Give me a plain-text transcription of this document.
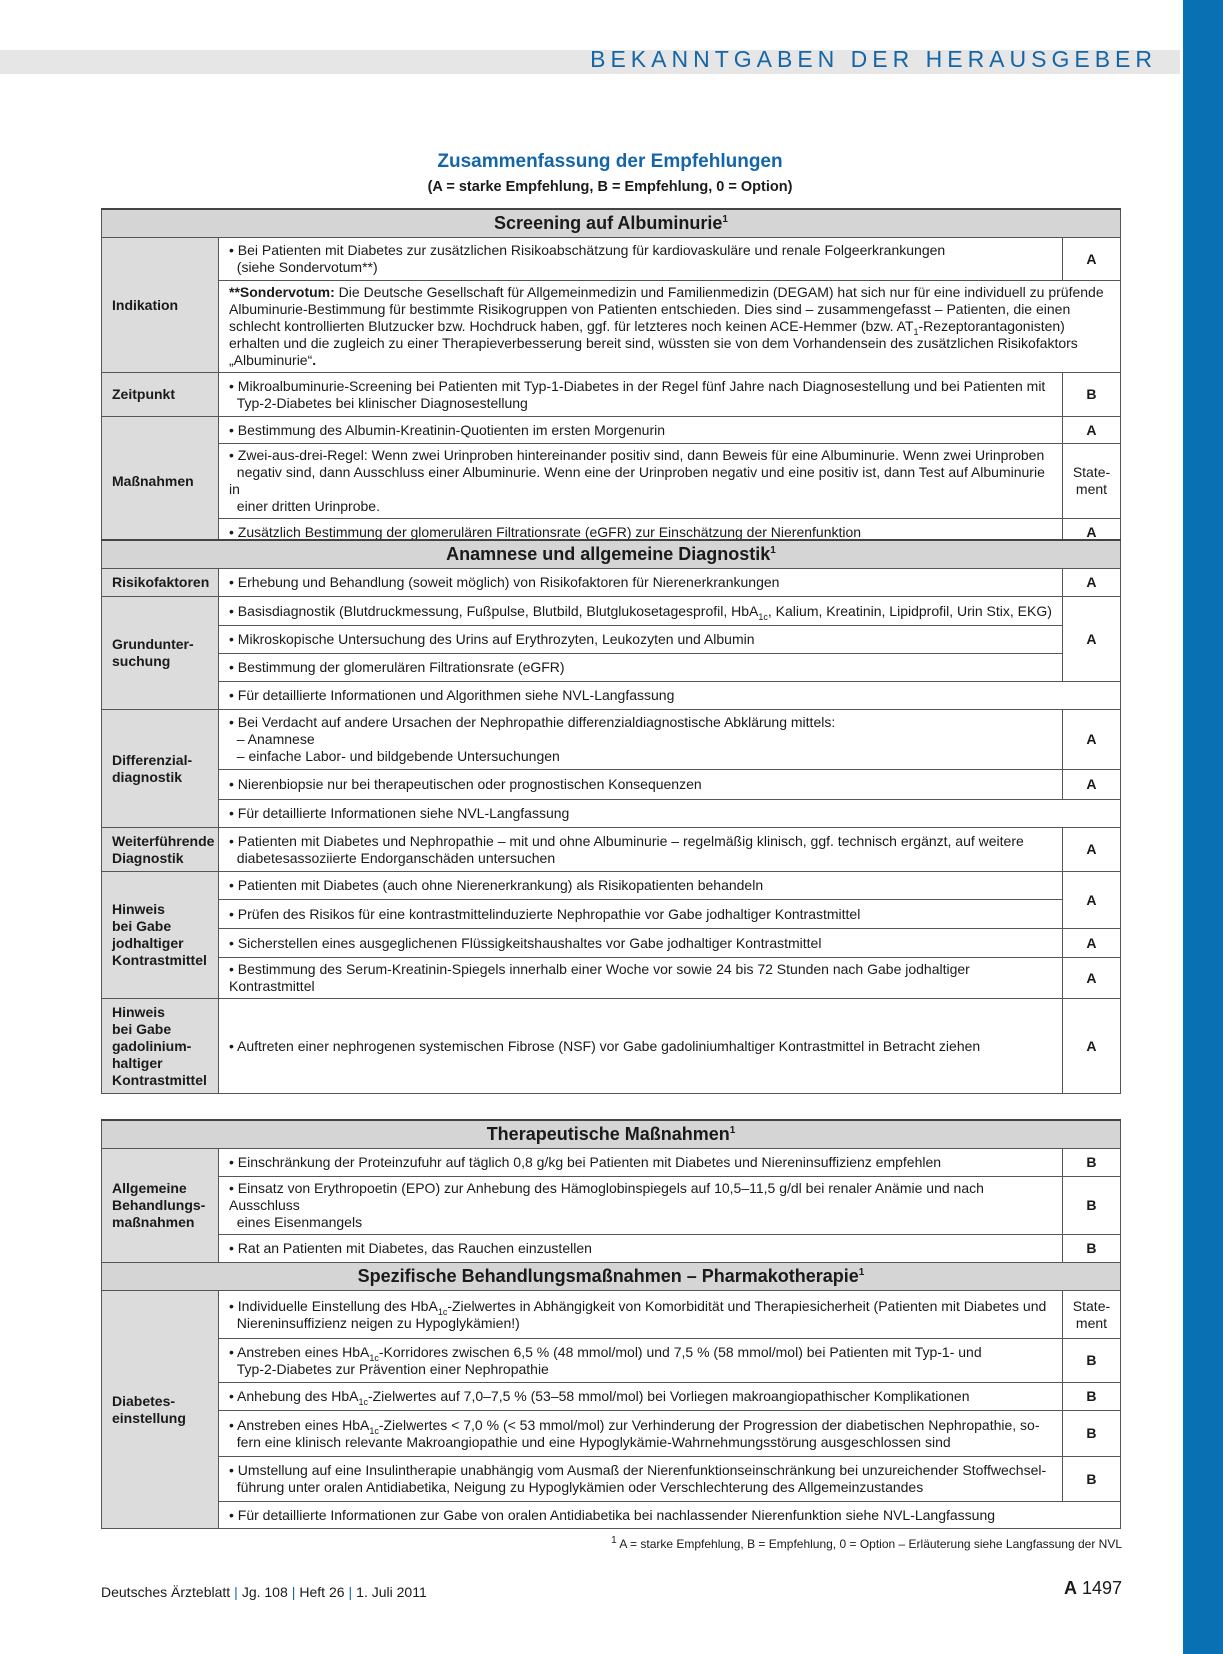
BEKANNTGABEN DER HERAUSGEBER
Zusammenfassung der Empfehlungen
(A = starke Empfehlung, B = Empfehlung, 0 = Option)
Screening auf Albuminurie$^1$
Indikation	• Bei Patienten mit Diabetes zur zusätzlichen Risikoabschätzung für kardiovaskuläre und renale Folgeerkrankungen
(siehe Sondervotum**)	A
	**Sondervotum: Die Deutsche Gesellschaft für Allgemeinmedizin und Familienmedizin (DEGAM) hat sich nur für eine individuell zu prüfende Albuminurie-Bestimmung für bestimmte Risikogruppen von Patienten entschieden. Dies sind – zusammengefasst – Patienten, die einen schlecht kontrollierten Blutzucker bzw. Hochdruck haben, ggf. für letzteres noch keinen ACE-Hemmer (bzw. $AT_1-Rezeptorantagonisten$) erhalten und die zugleich zu einer Therapieverbesserung bereit sind, wüssten sie von dem Vorhandensein des zusätzlichen Risikofaktors „Albuminurie“.	
Zeitpunkt	• Mikroalbuminurie-Screening bei Patienten mit Typ-1-Diabetes in der Regel fünf Jahre nach Diagnosestellung und bei Patienten mit
Typ-2-Diabetes bei klinischer Diagnosestellung	B
Maßnahmen	• Bestimmung des Albumin-Kreatinin-Quotienten im ersten Morgenurin	A
	• Zwei-aus-drei-Regel: Wenn zwei Urinproben hintereinander positiv sind, dann Beweis für eine Albuminurie. Wenn zwei Urinproben
negativ sind, dann Ausschluss einer Albuminurie. Wenn eine der Urinproben negativ und eine positiv ist, dann Test auf Albuminurie in
einer dritten Urinprobe.	State-
ment
	• Zusätzlich Bestimmung der glomerulären Filtrationsrate (eGFR) zur Einschätzung der Nierenfunktion	A
Anamnese und allgemeine Diagnostik$^1$
Risikofaktoren	• Erhebung und Behandlung (soweit möglich) von Risikofaktoren für Nierenerkrankungen	A
Grundunter-
suchung	• Basisdiagnostik (Blutdruckmessung, Fußpulse, Blutbild, Blutglukosetagesprofil, HbA$_{1c}$, Kalium, Kreatinin, Lipidprofil, Urin Stix, EKG)	A
	• Mikroskopische Untersuchung des Urins auf Erythrozyten, Leukozyten und Albumin	
	• Bestimmung der glomerulären Filtrationsrate (eGFR)	
	• Für detaillierte Informationen und Algorithmen siehe NVL-Langfassung	
Differenzial-
diagnostik	• Bei Verdacht auf andere Ursachen der Nephropathie differenzialdiagnostische Abklärung mittels:
– Anamnese
– einfache Labor- und bildgebende Untersuchungen	A
	• Nierenbiopsie nur bei therapeutischen oder prognostischen Konsequenzen	A
	• Für detaillierte Informationen siehe NVL-Langfassung	
Weiterführende
Diagnostik	• Patienten mit Diabetes und Nephropathie – mit und ohne Albuminurie – regelmäßig klinisch, ggf. technisch ergänzt, auf weitere
diabetesassoziierte Endorganschäden untersuchen	A
Hinweis
bei Gabe
jodhaltiger
Kontrastmittel	• Patienten mit Diabetes (auch ohne Nierenerkrankung) als Risikopatienten behandeln	A
	• Prüfen des Risikos für eine kontrastmittelinduzierte Nephropathie vor Gabe jodhaltiger Kontrastmittel	
	• Sicherstellen eines ausgeglichenen Flüssigkeitshaushaltes vor Gabe jodhaltiger Kontrastmittel	A
	• Bestimmung des Serum-Kreatinin-Spiegels innerhalb einer Woche vor sowie 24 bis 72 Stunden nach Gabe jodhaltiger Kontrastmittel	A
Hinweis
bei Gabe
gadolinium-
haltiger
Kontrastmittel	• Auftreten einer nephrogenen systemischen Fibrose (NSF) vor Gabe gadoliniumhaltiger Kontrastmittel in Betracht ziehen	A
Therapeutische Maßnahmen$^1$
Allgemeine
Behandlungs-
maßnahmen	• Einschränkung der Proteinzufuhr auf täglich 0,8 g/kg bei Patienten mit Diabetes und Niereninsuffizienz empfehlen	B
	• Einsatz von Erythropoetin (EPO) zur Anhebung des Hämoglobinspiegels auf 10,5–11,5 g/dl bei renaler Anämie und nach Ausschluss
eines Eisenmangels	B
	• Rat an Patienten mit Diabetes, das Rauchen einzustellen	B
Spezifische Behandlungsmaßnahmen – Pharmakotherapie$^1$
Diabetes-
einstellung	• Individuelle Einstellung des HbA$_{1c}$-Zielwertes in Abhängigkeit von Komorbidität und Therapiesicherheit (Patienten mit Diabetes und
Niereninsuffizienz neigen zu Hypoglykämien!)	State-
ment
	• Anstreben eines HbA$_{1c}$-Korridores zwischen 6,5 % (48 mmol/mol) und 7,5 % (58 mmol/mol) bei Patienten mit Typ-1- und
Typ-2-Diabetes zur Prävention einer Nephropathie	B
	• Anhebung des HbA$_{1c}$-Zielwertes auf 7,0–7,5 % (53–58 mmol/mol) bei Vorliegen makroangiopathischer Komplikationen	B
	• Anstreben eines HbA$_{1c}$-Zielwertes < 7,0 % (< 53 mmol/mol) zur Verhinderung der Progression der diabetischen Nephropathie, so-
fern eine klinisch relevante Makroangiopathie und eine Hypoglykämie-Wahrnehmungsstörung ausgeschlossen sind	B
	• Umstellung auf eine Insulintherapie unabhängig vom Ausmaß der Nierenfunktionseinschränkung bei unzureichender Stoffwechsel-
führung unter oralen Antidiabetika, Neigung zu Hypoglykämien oder Verschlechterung des Allgemeinzustandes	B
	• Für detaillierte Informationen zur Gabe von oralen Antidiabetika bei nachlassender Nierenfunktion siehe NVL-Langfassung	
$^1$ A = starke Empfehlung, B = Empfehlung, 0 = Option – Erläuterung siehe Langfassung der NVL
Deutsches Ärzteblatt | Jg. 108 | Heft 26 | 1. Juli 2011	A 1497
